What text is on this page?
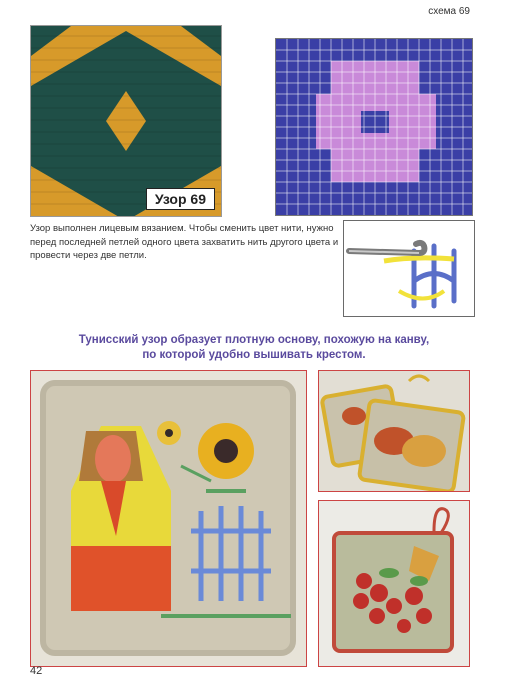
Узор 69
схема 69
Узор выполнен лицевым вязанием. Чтобы сменить цвет нити, нужно перед последней петлей одного цвета захватить нить другого цвета и провести через две петли.
Тунисский узор образует плотную основу, похожую на канву,
по которой удобно вышивать крестом.
42
